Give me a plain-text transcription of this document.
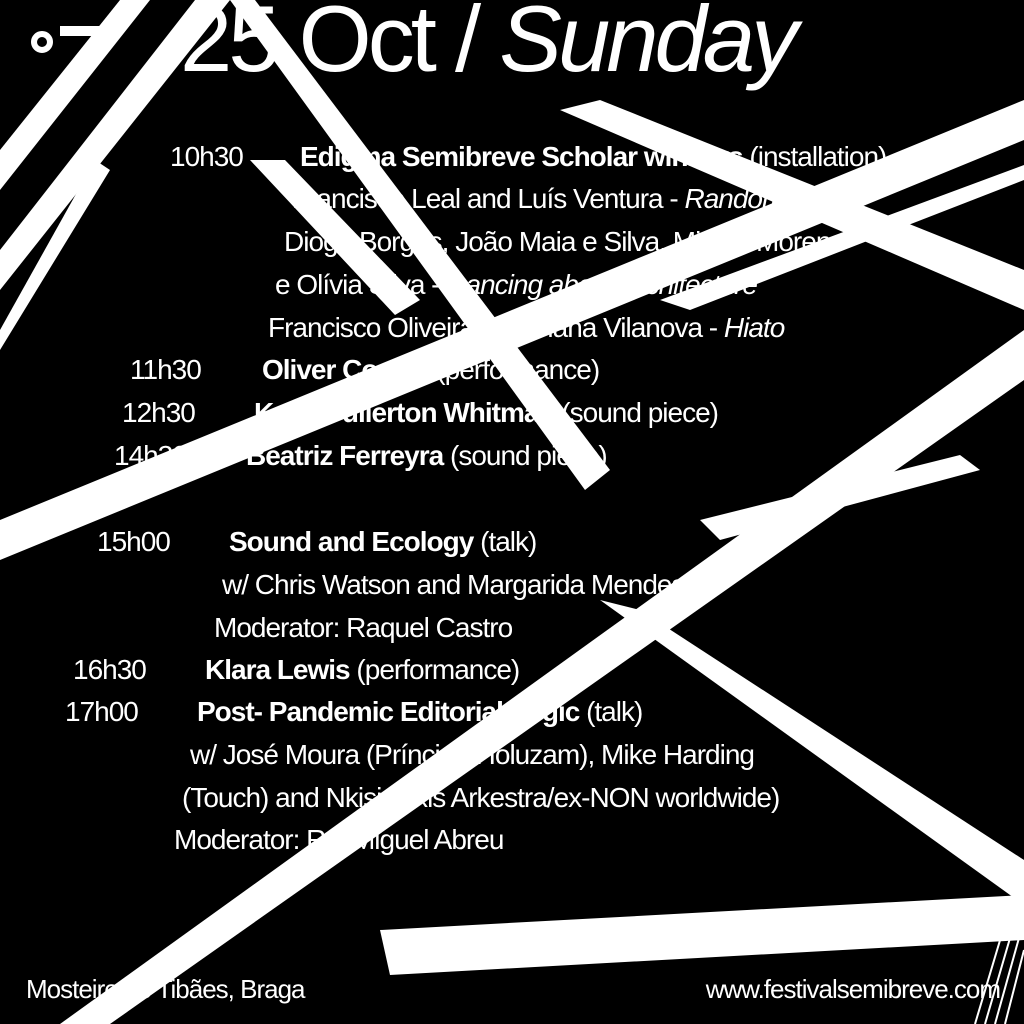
25 Oct / Sunday
10h30 Edigma Semibreve Scholar winners (installation)
Francisco Leal and Luís Ventura - Randomofone
Diogo Borges, João Maia e Silva, Miguel Moreno
e Olívia Silva - Dancing about Architecture
Francisco Oliveira e Mariana Vilanova - Hiato
11h30 Oliver Coates (performance)
12h30 Keith Fullerton Whitman (sound piece)
14h30 Beatriz Ferreyra (sound piece)
15h00 Sound and Ecology (talk)
w/ Chris Watson and Margarida Mendes
Moderator: Raquel Castro
16h30 Klara Lewis (performance)
17h00 Post- Pandemic Editorial Logic (talk)
w/ José Moura (Príncipe/Holuzam), Mike Harding
(Touch) and Nkisi (Axis Arkestra/ex-NON worldwide)
Moderator: Rui Miguel Abreu
Mosteiro de Tibães, Braga	www.festivalsemibreve.com
